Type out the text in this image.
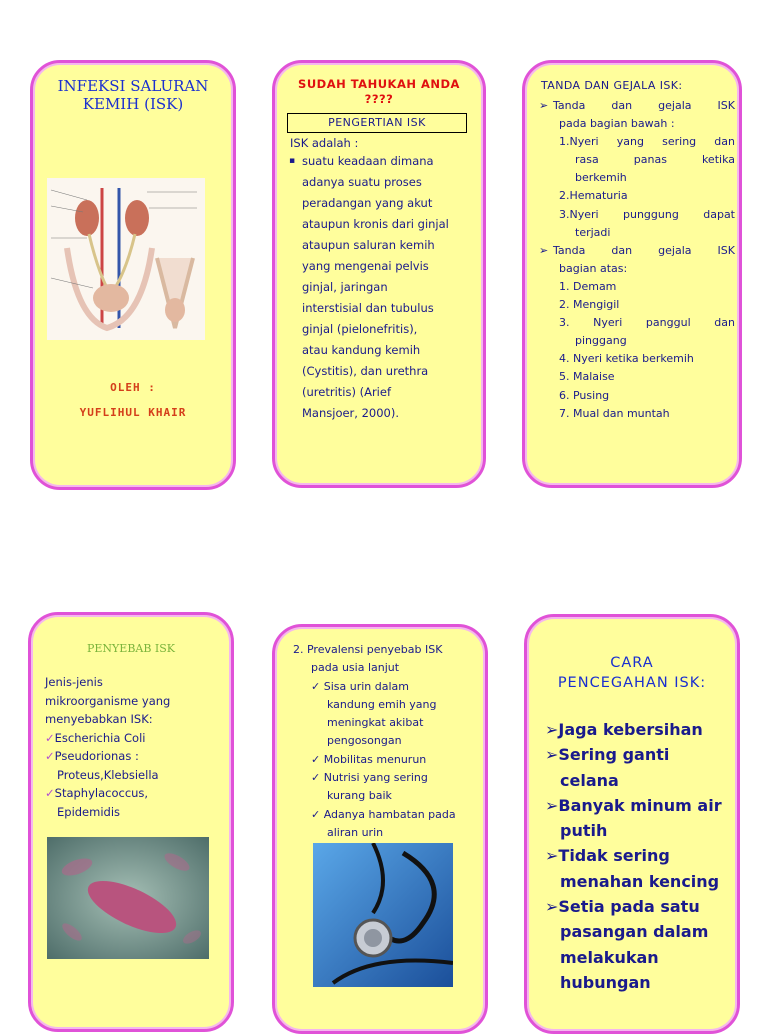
INFEKSI SALURAN
KEMIH (ISK)
OLEH :
YUFLIHUL KHAIR
SUDAH TAHUKAH ANDA
????
PENGERTIAN ISK
ISK adalah :
▪ suatu keadaan dimana
adanya suatu proses
peradangan yang akut
ataupun kronis dari ginjal
ataupun saluran kemih
yang mengenai pelvis
ginjal, jaringan
interstisial dan tubulus
ginjal (pielonefritis),
atau kandung kemih
(Cystitis), dan urethra
(uretritis) (Arief
Mansjoer, 2000).
TANDA DAN GEJALA ISK:
➢ Tanda dan gejala ISK
pada bagian bawah :
1.Nyeri yang sering dan
rasa panas ketika
berkemih
2.Hematuria
3.Nyeri punggung dapat
terjadi
➢ Tanda dan gejala ISK
bagian atas:
1. Demam
2. Mengigil
3. Nyeri panggul dan
pinggang
4. Nyeri ketika berkemih
5. Malaise
6. Pusing
7. Mual dan muntah
PENYEBAB ISK
Jenis-jenis
mikroorganisme yang
menyebabkan ISK:
✓Escherichia Coli
✓Pseudorionas :
Proteus,Klebsiella
✓Staphylacoccus,
Epidemidis
2. Prevalensi penyebab ISK
pada usia lanjut
✓ Sisa urin dalam
kandung emih yang
meningkat akibat
pengosongan
✓ Mobilitas menurun
✓ Nutrisi yang sering
kurang baik
✓ Adanya hambatan pada
aliran urin
CARA
PENCEGAHAN ISK:
➢Jaga kebersihan
➢Sering ganti
celana
➢Banyak minum air
putih
➢Tidak sering
menahan kencing
➢Setia pada satu
pasangan dalam
melakukan
hubungan
